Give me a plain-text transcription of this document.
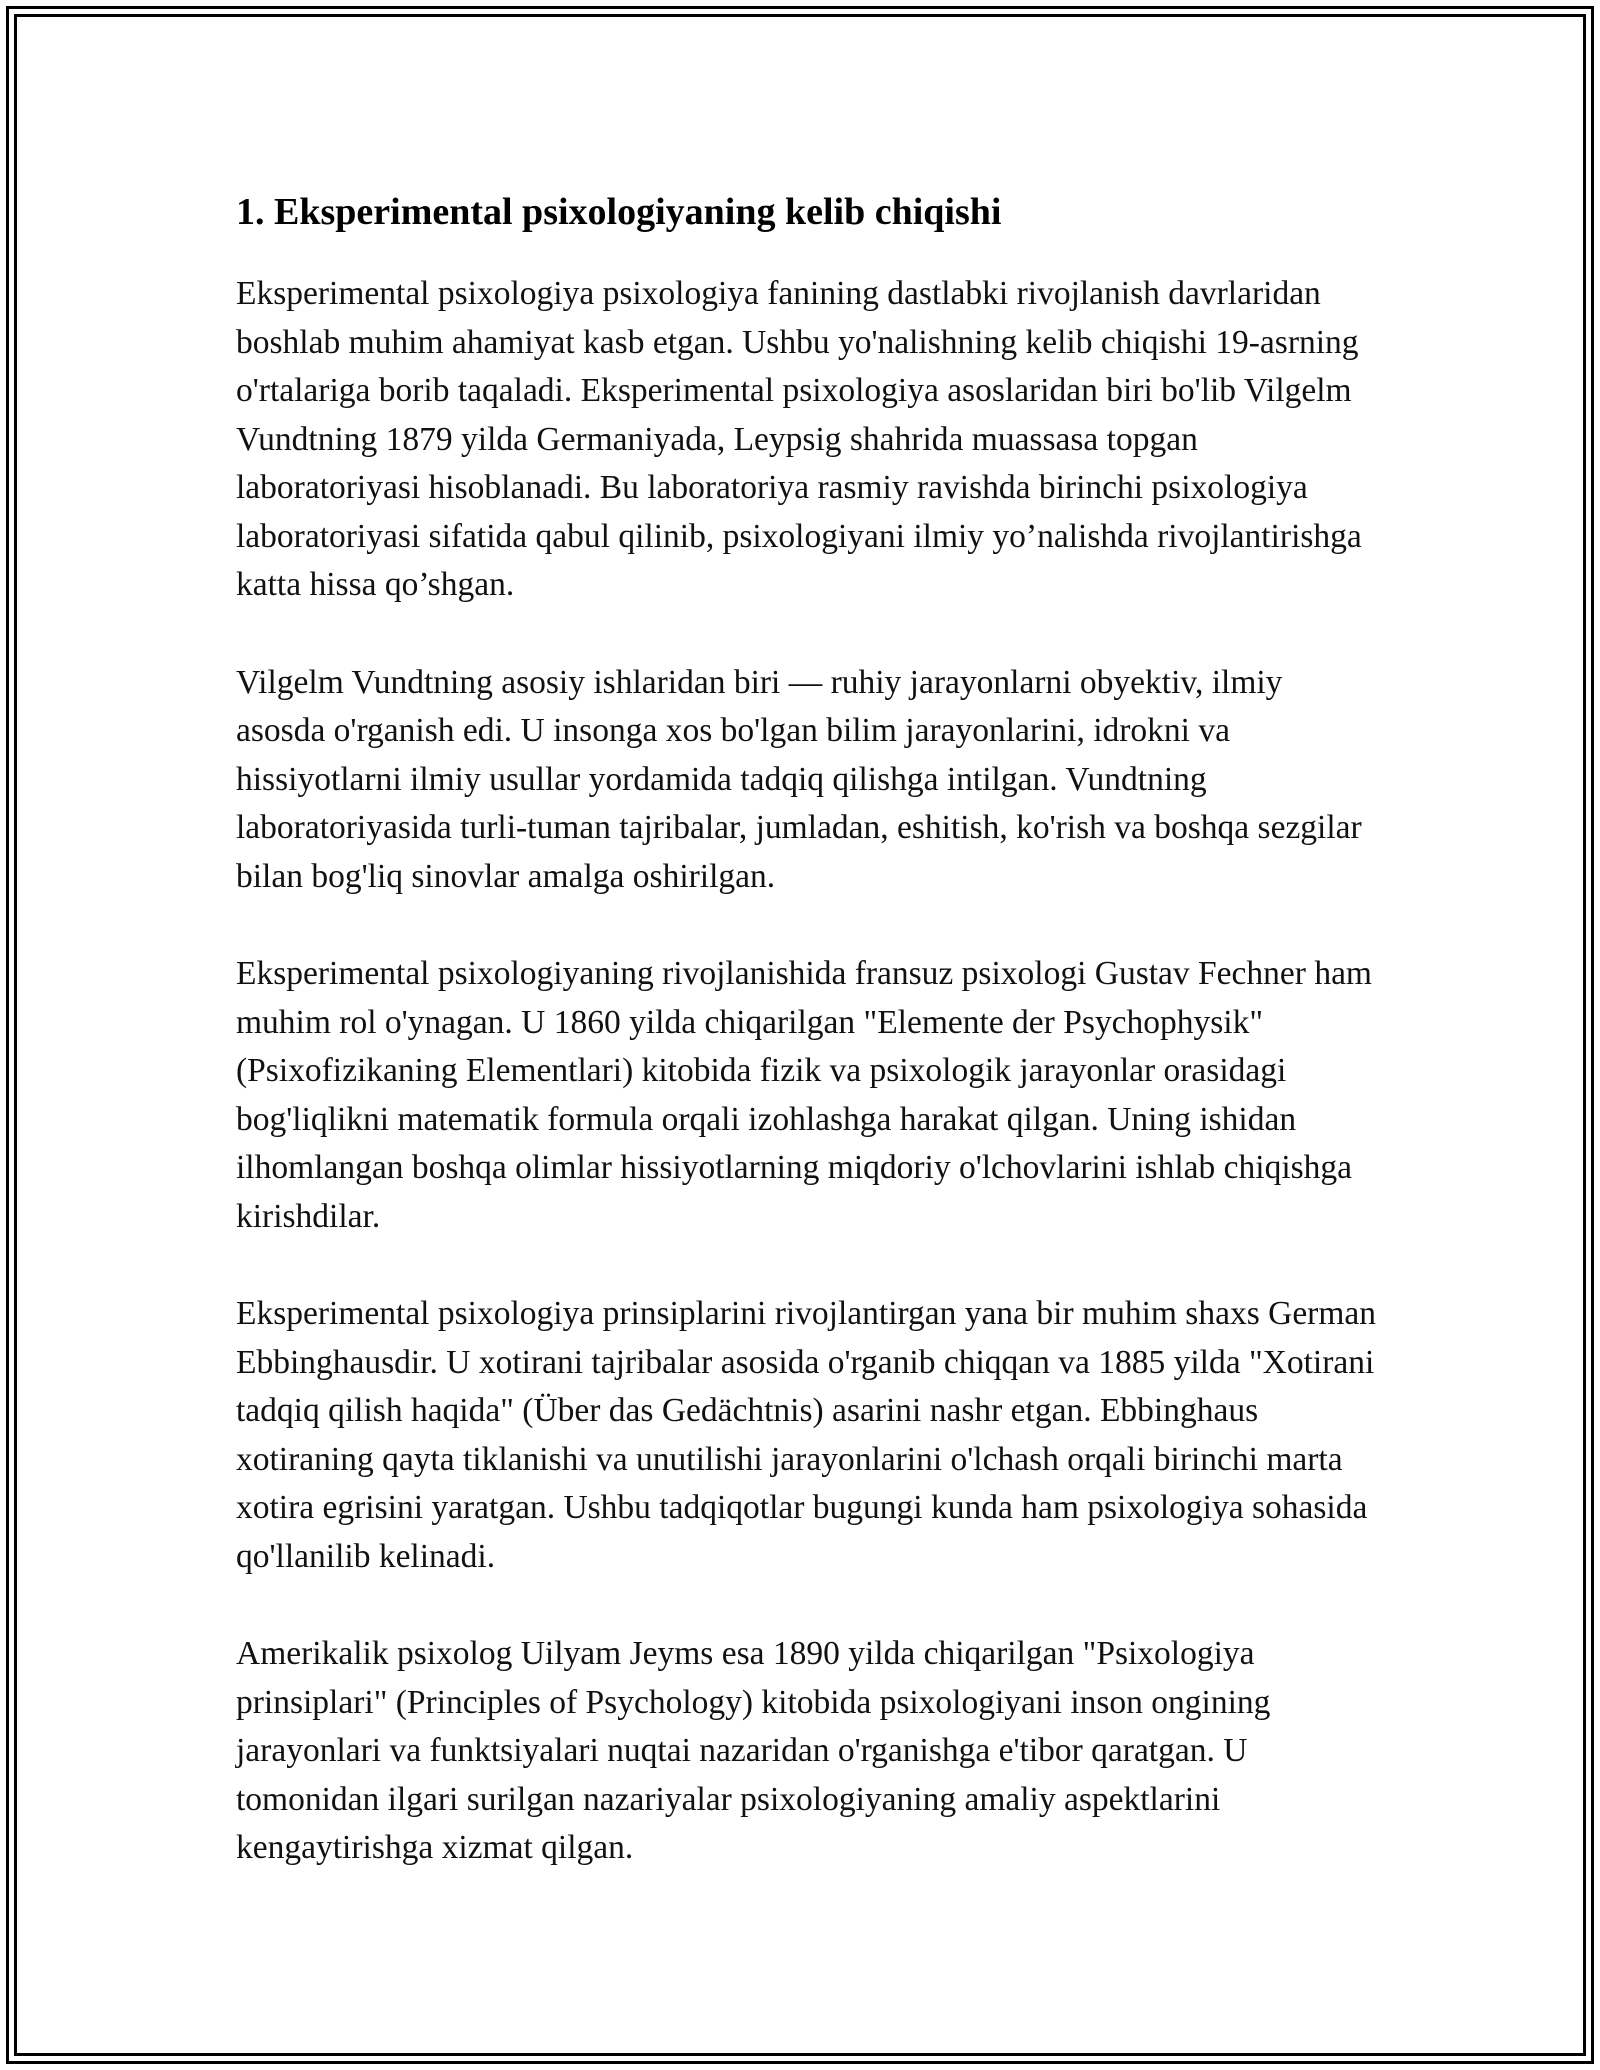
1. Eksperimental psixologiyaning kelib chiqishi

Eksperimental psixologiya psixologiya fanining dastlabki rivojlanish davrlaridan boshlab muhim ahamiyat kasb etgan. Ushbu yo'nalishning kelib chiqishi 19-asrning o'rtalariga borib taqaladi. Eksperimental psixologiya asoslaridan biri bo'lib Vilgelm Vundtning 1879 yilda Germaniyada, Leypsig shahrida muassasa topgan laboratoriyasi hisoblanadi. Bu laboratoriya rasmiy ravishda birinchi psixologiya laboratoriyasi sifatida qabul qilinib, psixologiyani ilmiy yo’nalishda rivojlantirishga katta hissa qo’shgan.

Vilgelm Vundtning asosiy ishlaridan biri — ruhiy jarayonlarni obyektiv, ilmiy asosda o'rganish edi. U insonga xos bo'lgan bilim jarayonlarini, idrokni va hissiyotlarni ilmiy usullar yordamida tadqiq qilishga intilgan. Vundtning laboratoriyasida turli-tuman tajribalar, jumladan, eshitish, ko'rish va boshqa sezgilar bilan bog'liq sinovlar amalga oshirilgan.

Eksperimental psixologiyaning rivojlanishida fransuz psixologi Gustav Fechner ham muhim rol o'ynagan. U 1860 yilda chiqarilgan "Elemente der Psychophysik" (Psixofizikaning Elementlari) kitobida fizik va psixologik jarayonlar orasidagi bog'liqlikni matematik formula orqali izohlashga harakat qilgan. Uning ishidan ilhomlangan boshqa olimlar hissiyotlarning miqdoriy o'lchovlarini ishlab chiqishga kirishdilar.

Eksperimental psixologiya prinsiplarini rivojlantirgan yana bir muhim shaxs German Ebbinghausdir. U xotirani tajribalar asosida o'rganib chiqqan va 1885 yilda "Xotirani tadqiq qilish haqida" (Über das Gedächtnis) asarini nashr etgan. Ebbinghaus xotiraning qayta tiklanishi va unutilishi jarayonlarini o'lchash orqali birinchi marta xotira egrisini yaratgan. Ushbu tadqiqotlar bugungi kunda ham psixologiya sohasida qo'llanilib kelinadi.

Amerikalik psixolog Uilyam Jeyms esa 1890 yilda chiqarilgan "Psixologiya prinsiplari" (Principles of Psychology) kitobida psixologiyani inson ongining jarayonlari va funktsiyalari nuqtai nazaridan o'rganishga e'tibor qaratgan. U tomonidan ilgari surilgan nazariyalar psixologiyaning amaliy aspektlarini kengaytirishga xizmat qilgan.
